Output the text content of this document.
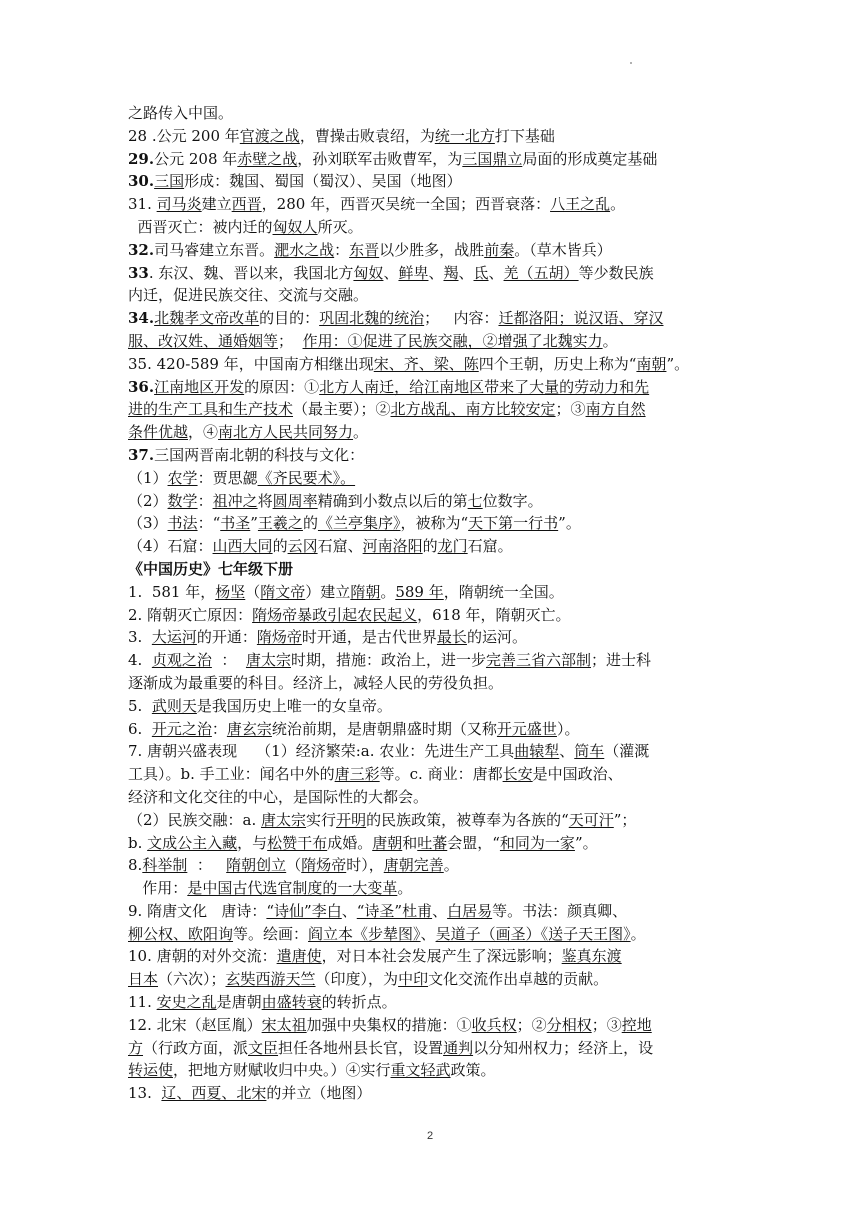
之路传入中国。
28 .公元 200 年官渡之战，曹操击败袁绍，为统一北方打下基础
29.公元 208 年赤壁之战，孙刘联军击败曹军，为三国鼎立局面的形成奠定基础
30.三国形成：魏国、蜀国（蜀汉）、吴国（地图）
31. 司马炎建立西晋，280 年，西晋灭吴统一全国；西晋衰落：八王之乱。
西晋灭亡：被内迁的匈奴人所灭。
32.司马睿建立东晋。淝水之战：东晋以少胜多，战胜前秦。（草木皆兵）
33. 东汉、魏、晋以来，我国北方匈奴、鲜卑、羯、氐、羌（五胡）等少数民族
内迁，促进民族交往、交流与交融。
34.北魏孝文帝改革的目的：巩固北魏的统治；   内容：迁都洛阳；说汉语、穿汉
服、改汉姓、通婚姻等；  作用：①促进了民族交融，②增强了北魏实力。
35. 420-589 年，中国南方相继出现宋、齐、梁、陈四个王朝，历史上称为“南朝”。
36.江南地区开发的原因：①北方人南迁，给江南地区带来了大量的劳动力和先
进的生产工具和生产技术（最主要）；②北方战乱、南方比较安定；③南方自然
条件优越，④南北方人民共同努力。
37.三国两晋南北朝的科技与文化：
（1）农学：贾思勰《齐民要术》。
（2）数学：祖冲之将圆周率精确到小数点以后的第七位数字。
（3）书法：“书圣”王羲之的《兰亭集序》，被称为“天下第一行书”。
（4）石窟：山西大同的云冈石窟、河南洛阳的龙门石窟。
《中国历史》七年级下册
1.  581 年，杨坚（隋文帝）建立隋朝。589 年，隋朝统一全国。
2. 隋朝灭亡原因：隋炀帝暴政引起农民起义，618 年，隋朝灭亡。
3.  大运河的开通：隋炀帝时开通，是古代世界最长的运河。
4.  贞观之治  ：  唐太宗时期，措施：政治上，进一步完善三省六部制；进士科
逐渐成为最重要的科目。经济上，减轻人民的劳役负担。
5.  武则天是我国历史上唯一的女皇帝。
6.  开元之治：唐玄宗统治前期，是唐朝鼎盛时期（又称开元盛世）。
7. 唐朝兴盛表现    （1）经济繁荣:a. 农业：先进生产工具曲辕犁、筒车（灌溉
工具）。b. 手工业：闻名中外的唐三彩等。c. 商业：唐都长安是中国政治、
经济和文化交往的中心，是国际性的大都会。
（2）民族交融：a. 唐太宗实行开明的民族政策，被尊奉为各族的“天可汗”；
b. 文成公主入藏，与松赞干布成婚。唐朝和吐蕃会盟，“和同为一家”。
8.科举制  ：   隋朝创立（隋炀帝时），唐朝完善。
作用：是中国古代选官制度的一大变革。
9. 隋唐文化   唐诗：“诗仙”李白、“诗圣”杜甫、白居易等。书法：颜真卿、
柳公权、欧阳询等。绘画：阎立本《步辇图》、吴道子（画圣）《送子天王图》。
10. 唐朝的对外交流：遣唐使，对日本社会发展产生了深远影响；鉴真东渡
日本（六次）；玄奘西游天竺（印度），为中印文化交流作出卓越的贡献。
11. 安史之乱是唐朝由盛转衰的转折点。
12. 北宋（赵匡胤）宋太祖加强中央集权的措施：①收兵权；②分相权；③控地
方（行政方面，派文臣担任各地州县长官，设置通判以分知州权力；经济上，设
转运使，把地方财赋收归中央。）④实行重文轻武政策。
13.  辽、西夏、北宋的并立（地图）
2
